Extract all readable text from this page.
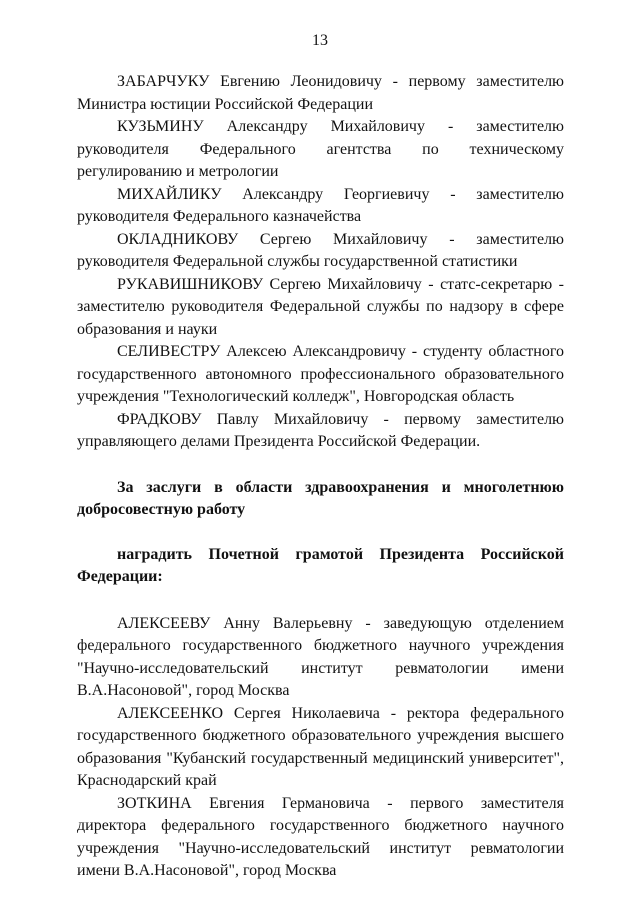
13

ЗАБАРЧУКУ Евгению Леонидовичу - первому заместителю Министра юстиции Российской Федерации

КУЗЬМИНУ Александру Михайловичу - заместителю руководителя Федерального агентства по техническому регулированию и метрологии

МИХАЙЛИКУ Александру Георгиевичу - заместителю руководителя Федерального казначейства

ОКЛАДНИКОВУ Сергею Михайловичу - заместителю руководителя Федеральной службы государственной статистики

РУКАВИШНИКОВУ Сергею Михайловичу - статс-секретарю - заместителю руководителя Федеральной службы по надзору в сфере образования и науки

СЕЛИВЕСТРУ Алексею Александровичу - студенту областного государственного автономного профессионального образовательного учреждения "Технологический колледж", Новгородская область

ФРАДКОВУ Павлу Михайловичу - первому заместителю управляющего делами Президента Российской Федерации.

За заслуги в области здравоохранения и многолетнюю добросовестную работу

наградить Почетной грамотой Президента Российской Федерации:

АЛЕКСЕЕВУ Анну Валерьевну - заведующую отделением федерального государственного бюджетного научного учреждения "Научно-исследовательский институт ревматологии имени В.А.Насоновой", город Москва

АЛЕКСЕЕНКО Сергея Николаевича - ректора федерального государственного бюджетного образовательного учреждения высшего образования "Кубанский государственный медицинский университет", Краснодарский край

ЗОТКИНА Евгения Германовича - первого заместителя директора федерального государственного бюджетного научного учреждения "Научно-исследовательский институт ревматологии имени В.А.Насоновой", город Москва
